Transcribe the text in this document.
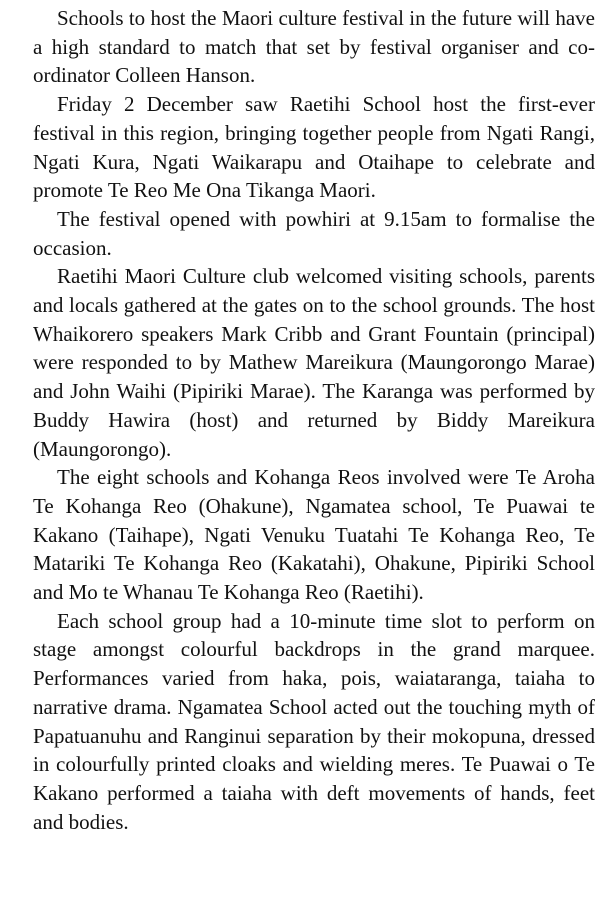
Schools to host the Maori culture festival in the future will have a high standard to match that set by festival organiser and co-ordinator Colleen Hanson.

Friday 2 December saw Raetihi School host the first-ever festival in this region, bringing together people from Ngati Rangi, Ngati Kura, Ngati Waikarapu and Otaihape to celebrate and promote Te Reo Me Ona Tikanga Maori.

The festival opened with powhiri at 9.15am to formalise the occasion.

Raetihi Maori Culture club welcomed visiting schools, parents and locals gathered at the gates on to the school grounds. The host Whaikorero speakers Mark Cribb and Grant Fountain (principal) were responded to by Mathew Mareikura (Maungorongo Marae) and John Waihi (Pipiriki Marae). The Karanga was performed by Buddy Hawira (host) and returned by Biddy Mareikura (Maungorongo).

The eight schools and Kohanga Reos involved were Te Aroha Te Kohanga Reo (Ohakune), Ngamatea school, Te Puawai te Kakano (Taihape), Ngati Venuku Tuatahi Te Kohanga Reo, Te Matariki Te Kohanga Reo (Kakatahi), Ohakune, Pipiriki School and Mo te Whanau Te Kohanga Reo (Raetihi).

Each school group had a 10-minute time slot to perform on stage amongst colourful backdrops in the grand marquee. Performances varied from haka, pois, waiataranga, taiaha to narrative drama. Ngamatea School acted out the touching myth of Papatuanuhu and Ranginui separation by their mokopuna, dressed in colourfully printed cloaks and wielding meres. Te Puawai o Te Kakano performed a taiaha with deft movements of hands, feet and bodies.
